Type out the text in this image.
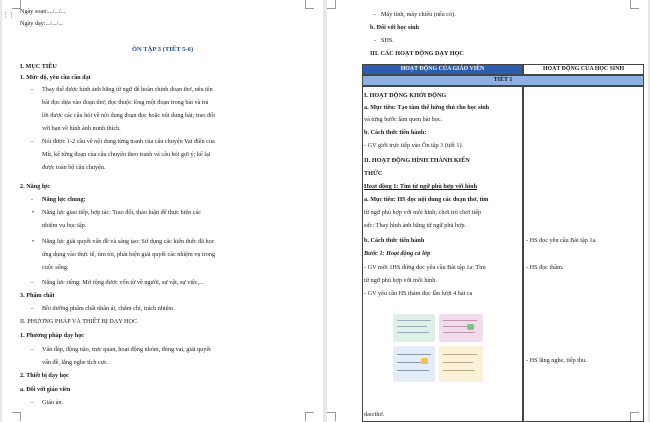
⋮⋮
ÔN TẬP 3 (TIẾT 5-6)
Ngày soạn:.../.../...
Ngày dạy:.../.../...
I. MỤC TIÊU
1. Mức độ, yêu cầu cần đạt
Thay thế được hình ảnh bằng từ ngữ để hoàn chỉnh đoạn thơ, nêu tên
bài đọc dựa vào đoạn thơ; đọc thuộc lòng một đoạn trong bài và trả
lời được các câu hỏi về nội dung đoạn đọc hoặc nội dung bài; trao đổi
với bạn về hình ảnh minh thích.
Nói được 1-2 câu về nội dung từng tranh của câu chuyện Vai điền của
Mít, kể từng đoạn của câu chuyện theo tranh và câu hỏi gợi ý; kể lại
được toàn bộ câu chuyện.
2. Năng lực
Năng lực chung:
Năng lực giao tiếp, hợp tác: Trao đổi, thảo luận để thực hiện các
nhiệm vụ học tập.
Năng lực giải quyết vấn đề và sáng tạo: Sử dụng các kiến thức đã học
ứng dụng vào thực tế, tìm tòi, phát hiện giải quyết các nhiệm vụ trong
cuộc sống.
Năng lực riêng: Mở rộng được vốn từ về người, sự vật, sự việc,...
3. Phẩm chất
Bồi dưỡng phẩm chất nhân ái, chăm chỉ, trách nhiệm.
II. PHƯƠNG PHÁP VÀ THIẾT BỊ DẠY HỌC
1. Phương pháp dạy học
Vấn đáp, động não, trực quan, hoạt động nhóm, đóng vai, giải quyết
vấn đề, lắng nghe tích cực.
2. Thiết bị dạy học
a. Đối với giáo viên
Giáo án.
-
-
-
•
•
-
-
-
-
Máy tính, máy chiếu (nếu có).
b. Đối với học sinh
SHS.
III. CÁC HOẠT ĐỘNG DẠY HỌC
-
-
HOẠT ĐỘNG CỦA GIÁO VIÊN	HOẠT ĐỘNG CỦA HỌC SINH
TIẾT 1
I. HOẠT ĐỘNG KHỞI ĐỘNG
a. Mục tiêu: Tạo tâm thế hứng thú cho học sinh
và từng bước làm quen bài học.
b. Cách thức tiến hành:
- GV giới trực tiếp vào Ôn tập 3 (tiết 1).
II. HOẠT ĐỘNG HÌNH THÀNH KIẾN
THỨC
Hoạt động 1: Tìm từ ngữ phù hợp với hình
a. Mục tiêu: HS đọc nội dung các đoạn thơ, tìm
từ ngữ phù hợp với mỗi hình; chơi trò chơi tiếp
sức: Thay hình ảnh bằng từ ngữ phù hợp.
b. Cách thức tiến hành
Bước 1: Hoạt động cả lớp
- GV mời 1HS đứng đọc yêu cầu Bài tập 1a: Tìm
từ ngữ phù hợp với mỗi hình.
- GV yêu cầu HS thảm đọc lần lượt 4 bài ca
dao/thơ.
- HS đọc yêu cầu Bài tập 1a.
- HS đọc thầm.
- HS lắng nghe, tiếp thu.
